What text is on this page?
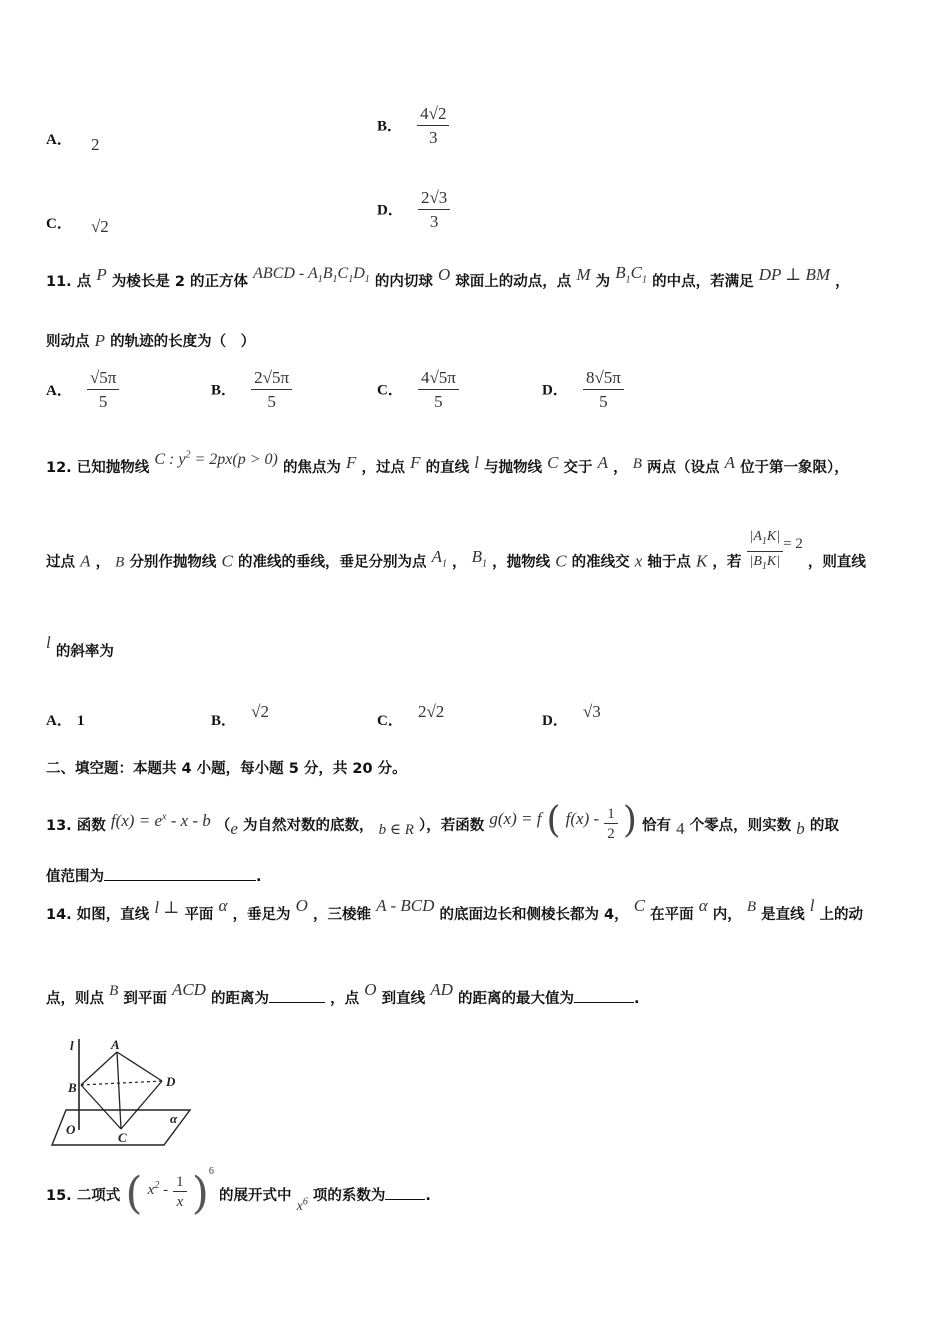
A． 2
B． $\frac{4√2}{3}$
C． √2
D． $\frac{2√3}{3}$
11. 点 P 为棱长是 2 的正方体 ABCD - $A_1B_1C_1D_1$ 的内切球 O 球面上的动点，点 M 为 $B_1C_1$ 的中点，若满足 DP ⊥ BM ，
则动点 P 的轨迹的长度为（　）
A． $\frac{√5\pi}{5}$	B． $\frac{2√5\pi}{5}$	C． $\frac{4√5\pi}{5}$	D． $\frac{8√5\pi}{5}$
12. 已知抛物线 C : $y^2 = 2px(p > 0)$ 的焦点为 F ，过点 F 的直线 l 与抛物线 C 交于 A ， B 两点（设点 A 位于第一象限），
过点 A ， B 分别作抛物线 C 的准线的垂线，垂足分别为点 $A_1$ ， $B_1$ ，抛物线 C 的准线交 x 轴于点 K ，若 $\frac{|A_1K|}{|B_1K|} = 2$ ，则直线
l 的斜率为
A． 1	B． √2	C． 2√2	D． √3
二、填空题：本题共 4 小题，每小题 5 分，共 20 分。
13. 函数 $f(x) = e^x - x - b$ （e 为自然对数的底数， b ∈ R ），若函数 g(x) = f ( $f(x) - \frac{1}{2}$ ) 恰有 4 个零点，则实数 b 的取
值范围为	.
14. 如图，直线 l ⊥ 平面 α ，垂足为 O ，三棱锥 A - BCD 的底面边长和侧棱长都为 4， C 在平面 α 内， B 是直线 l 上的动
点，则点 B 到平面 ACD 的距离为	，点 O 到直线 AD 的距离的最大值为	.
l	A
B	D
O
C
α
15. 二项式 ( $x^2 - \frac{1}{x} )^6$ 的展开式中 $x^6$ 项的系数为	.
